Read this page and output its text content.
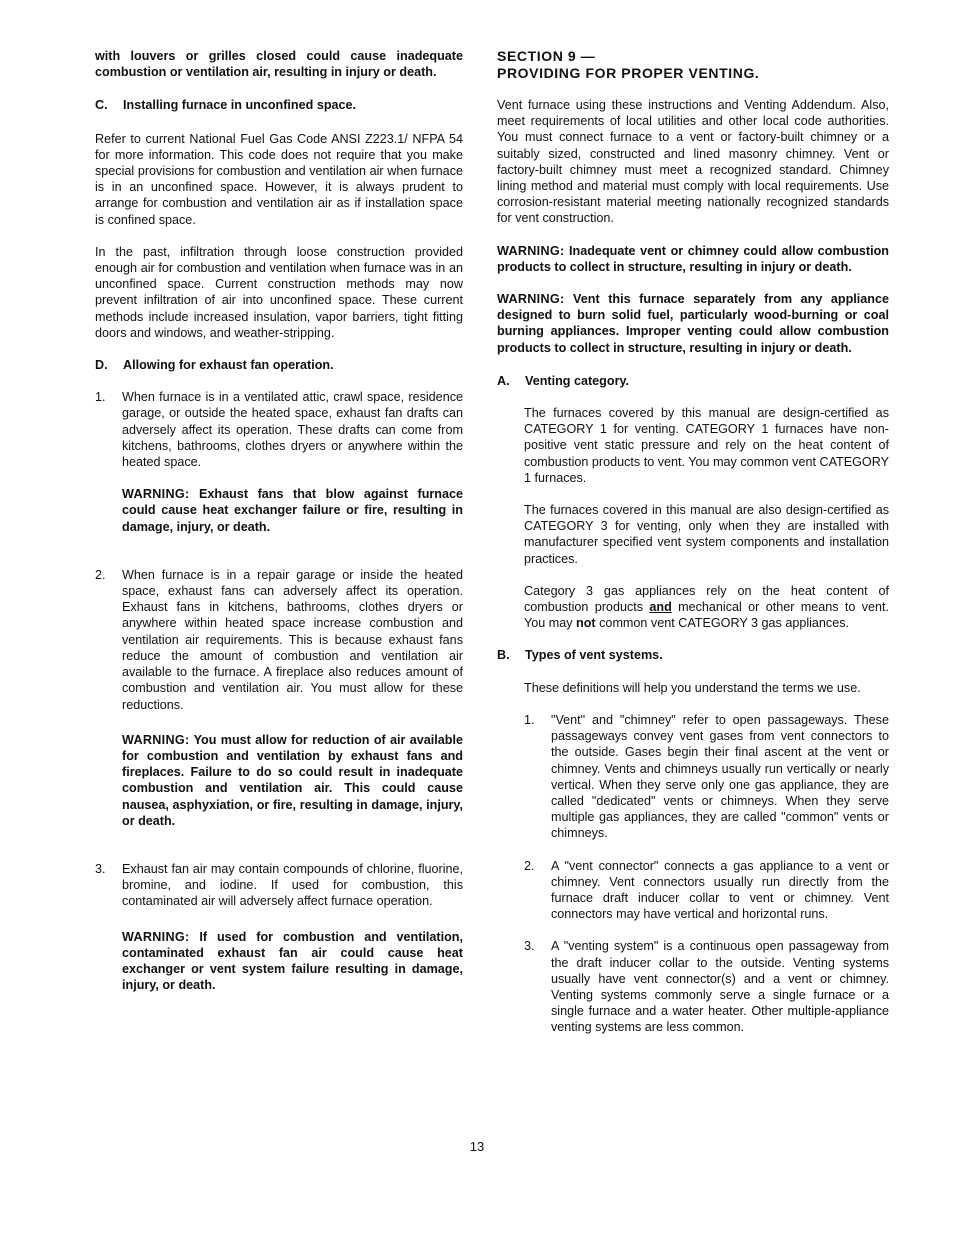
with louvers or grilles closed could cause inadequate combustion or ventilation air, resulting in injury or death.

C.	Installing furnace in unconfined space.

Refer to current National Fuel Gas Code ANSI Z223.1/ NFPA 54 for more information. This code does not require that you make special provisions for combustion and ventilation air when furnace is in an unconfined space. However, it is always prudent to arrange for combustion and ventilation air as if installation space is confined space.

In the past, infiltration through loose construction provided enough air for combustion and ventilation when furnace was in an unconfined space. Current construction methods may now prevent infiltration of air into unconfined space. These current methods include increased insulation, vapor barriers, tight fitting doors and windows, and weather-stripping.

D.	Allowing for exhaust fan operation.
1.	When furnace is in a ventilated attic, crawl space, residence garage, or outside the heated space, exhaust fan drafts can adversely affect its operation. These drafts can come from kitchens, bathrooms, clothes dryers or anywhere within the heated space.

WARNING: Exhaust fans that blow against furnace could cause heat exchanger failure or fire, resulting in damage, injury, or death.

2.	When furnace is in a repair garage or inside the heated space, exhaust fans can adversely affect its operation. Exhaust fans in kitchens, bathrooms, clothes dryers or anywhere within heated space increase combustion and ventilation air requirements. This is because exhaust fans reduce the amount of combustion and ventilation air available to the furnace. A fireplace also reduces amount of combustion and ventilation air. You must allow for these reductions.

WARNING: You must allow for reduction of air available for combustion and ventilation by exhaust fans and fireplaces. Failure to do so could result in inadequate combustion and ventilation air. This could cause nausea, asphyxiation, or fire, resulting in damage, injury, or death.

3.	Exhaust fan air may contain compounds of chlorine, fluorine, bromine, and iodine. If used for combustion, this contaminated air will adversely affect furnace operation.

WARNING: If used for combustion and ventilation, contaminated exhaust fan air could cause heat exchanger or vent system failure resulting in damage, injury, or death.

SECTION 9 —

PROVIDING FOR PROPER VENTING.

Vent furnace using these instructions and Venting Addendum. Also, meet requirements of local utilities and other local code authorities. You must connect furnace to a vent or factory-built chimney or a suitably sized, constructed and lined masonry chimney. Vent or factory-built chimney must meet a recognized standard. Chimney lining method and material must comply with local requirements. Use corrosion-resistant material meeting nationally recognized standards for vent construction.

WARNING: Inadequate vent or chimney could allow combustion products to collect in structure, resulting in injury or death.

WARNING: Vent this furnace separately from any appliance designed to burn solid fuel, particularly wood-burning or coal burning appliances. Improper venting could allow combustion products to collect in structure, resulting in injury or death.

A.	Venting category.

The furnaces covered by this manual are design-certified as CATEGORY 1 for venting. CATEGORY 1 furnaces have non-positive vent static pressure and rely on the heat content of combustion products to vent. You may common vent CATEGORY 1 furnaces.

The furnaces covered in this manual are also design-certified as CATEGORY 3 for venting, only when they are installed with manufacturer specified vent system components and installation practices.

Category 3 gas appliances rely on the heat content of combustion products and mechanical or other means to vent. You may not common vent CATEGORY 3 gas appliances.

B.	Types of vent systems.

These definitions will help you understand the terms we use.

1.	"Vent" and "chimney" refer to open passageways. These passageways convey vent gases from vent connectors to the outside. Gases begin their final ascent at the vent or chimney. Vents and chimneys usually run vertically or nearly vertical. When they serve only one gas appliance, they are called "dedicated" vents or chimneys. When they serve multiple gas appliances, they are called "common" vents or chimneys.

2.	A "vent connector" connects a gas appliance to a vent or chimney. Vent connectors usually run directly from the furnace draft inducer collar to vent or chimney. Vent connectors may have vertical and horizontal runs.

3.	A "venting system" is a continuous open passageway from the draft inducer collar to the outside. Venting systems usually have vent connector(s) and a vent or chimney. Venting systems commonly serve a single furnace or a single furnace and a water heater. Other multiple-appliance venting systems are less common.

13
